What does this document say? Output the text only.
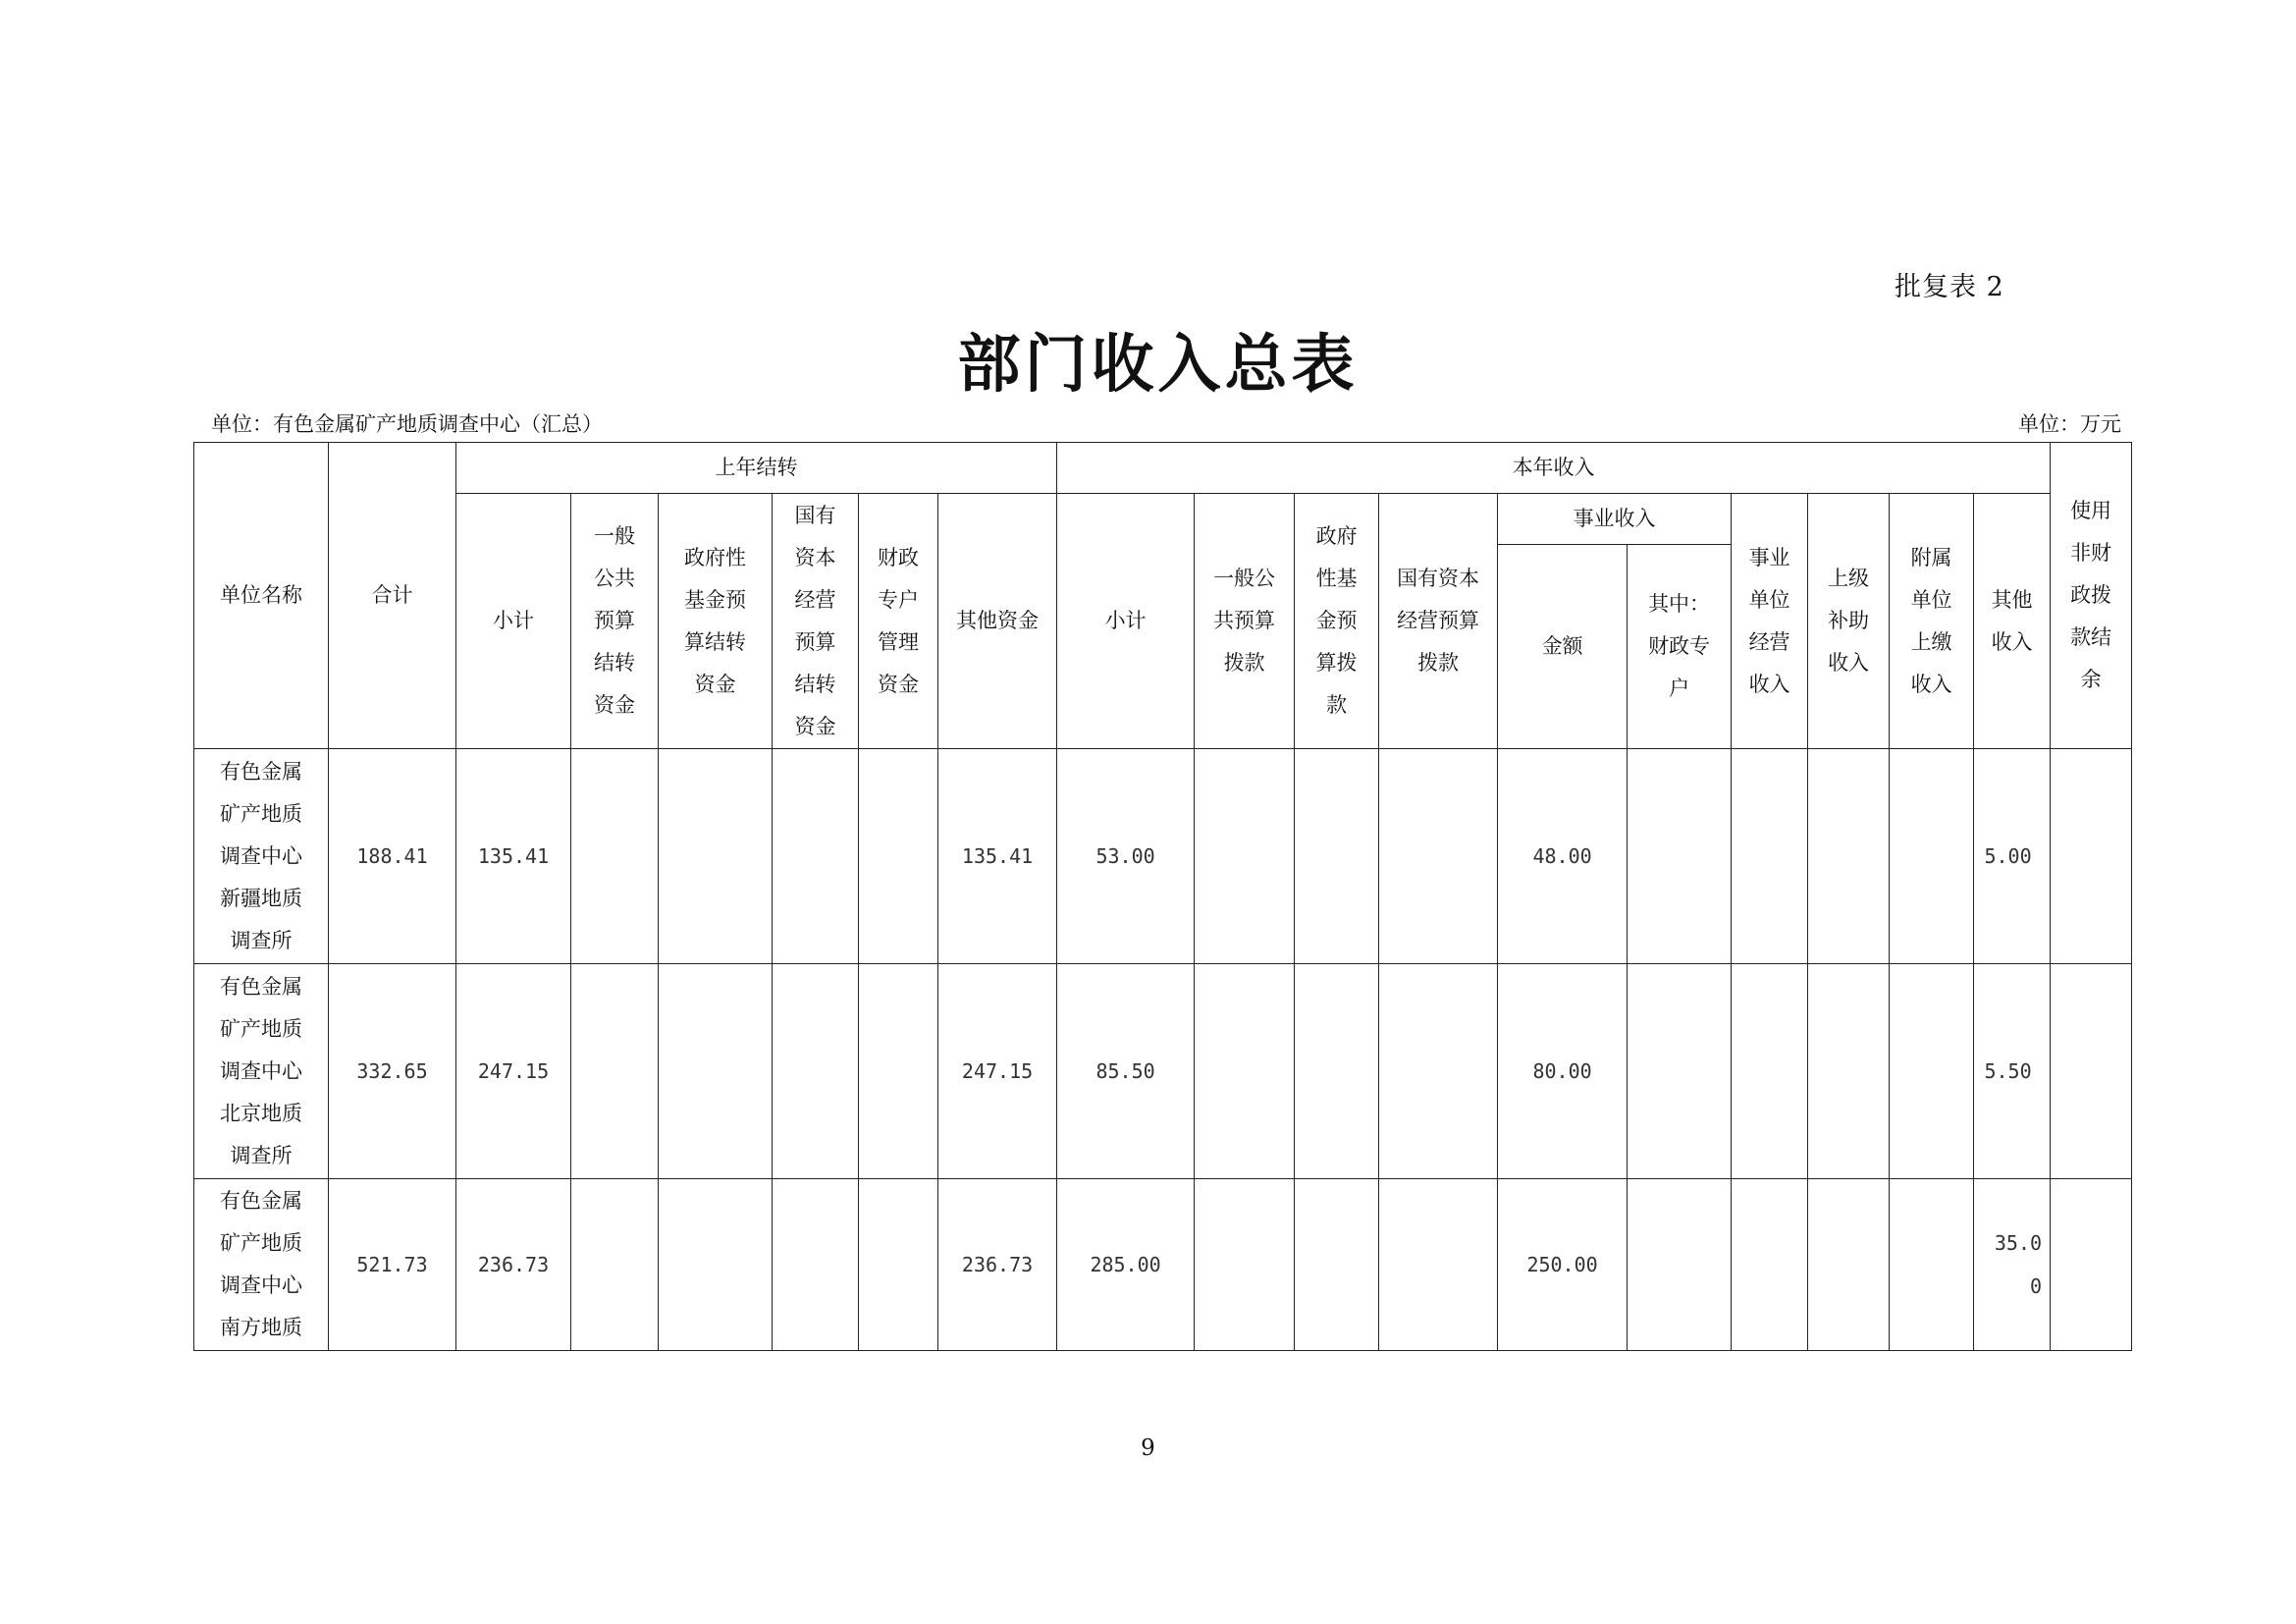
批复表 2
部门收入总表
单位：有色金属矿产地质调查中心（汇总）	单位：万元
单位名称	合计	上年结转						本年收入										使用非财政拨款结余
		小计	一般公共预算结转资金	政府性基金预算结转资金	国有资本经营预算结转资金	财政专户管理资金	其他资金	小计	一般公共预算拨款	政府性基金预算拨款	国有资本经营预算拨款	事业收入		事业单位经营收入	上级补助收入	附属单位上缴收入	其他收入	
												金额	其中：财政专户					
有色金属矿产地质调查中心新疆地质调查所	188.41	135.41					135.41	53.00				48.00					5.00	
有色金属矿产地质调查中心北京地质调查所	332.65	247.15					247.15	85.50				80.00					5.50	
有色金属矿产地质调查中心南方地质	521.73	236.73					236.73	285.00				250.00					35.00	
9
